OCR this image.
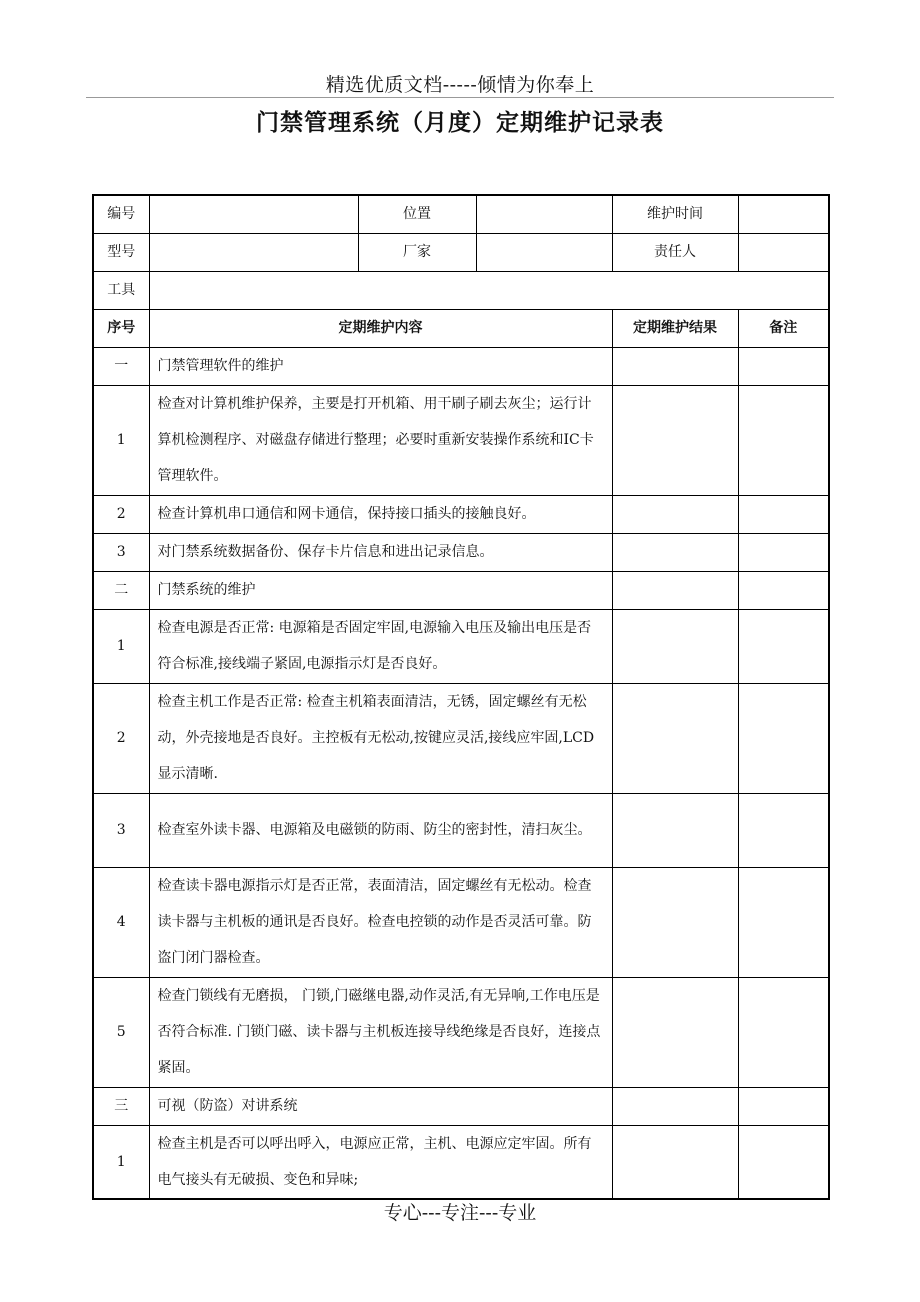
精选优质文档-----倾情为你奉上
门禁管理系统（月度）定期维护记录表
编号		位置		维护时间	
型号		厂家		责任人	
工具					
序号	定期维护内容			定期维护结果	备注
一	门禁管理软件的维护				
1	检查对计算机维护保养，主要是打开机箱、用干刷子刷去灰尘；运行计算机检测程序、对磁盘存储进行整理；必要时重新安装操作系统和IC卡管理软件。				
2	检查计算机串口通信和网卡通信，保持接口插头的接触良好。				
3	对门禁系统数据备份、保存卡片信息和进出记录信息。				
二	门禁系统的维护				
1	检查电源是否正常: 电源箱是否固定牢固,电源输入电压及输出电压是否符合标准,接线端子紧固,电源指示灯是否良好。				
2	检查主机工作是否正常: 检查主机箱表面清洁，无锈，固定螺丝有无松动，外壳接地是否良好。主控板有无松动,按键应灵活,接线应牢固,LCD显示清晰.				
3	检查室外读卡器、电源箱及电磁锁的防雨、防尘的密封性，清扫灰尘。				
4	检查读卡器电源指示灯是否正常，表面清洁，固定螺丝有无松动。检查读卡器与主机板的通讯是否良好。检查电控锁的动作是否灵活可靠。防盗门闭门器检查。				
5	检查门锁线有无磨损， 门锁,门磁继电器,动作灵活,有无异响,工作电压是否符合标准. 门锁门磁、读卡器与主机板连接导线绝缘是否良好，连接点紧固。				
三	可视（防盗）对讲系统				
1	检查主机是否可以呼出呼入，电源应正常，主机、电源应定牢固。所有电气接头有无破损、变色和异味;				
专心---专注---专业
